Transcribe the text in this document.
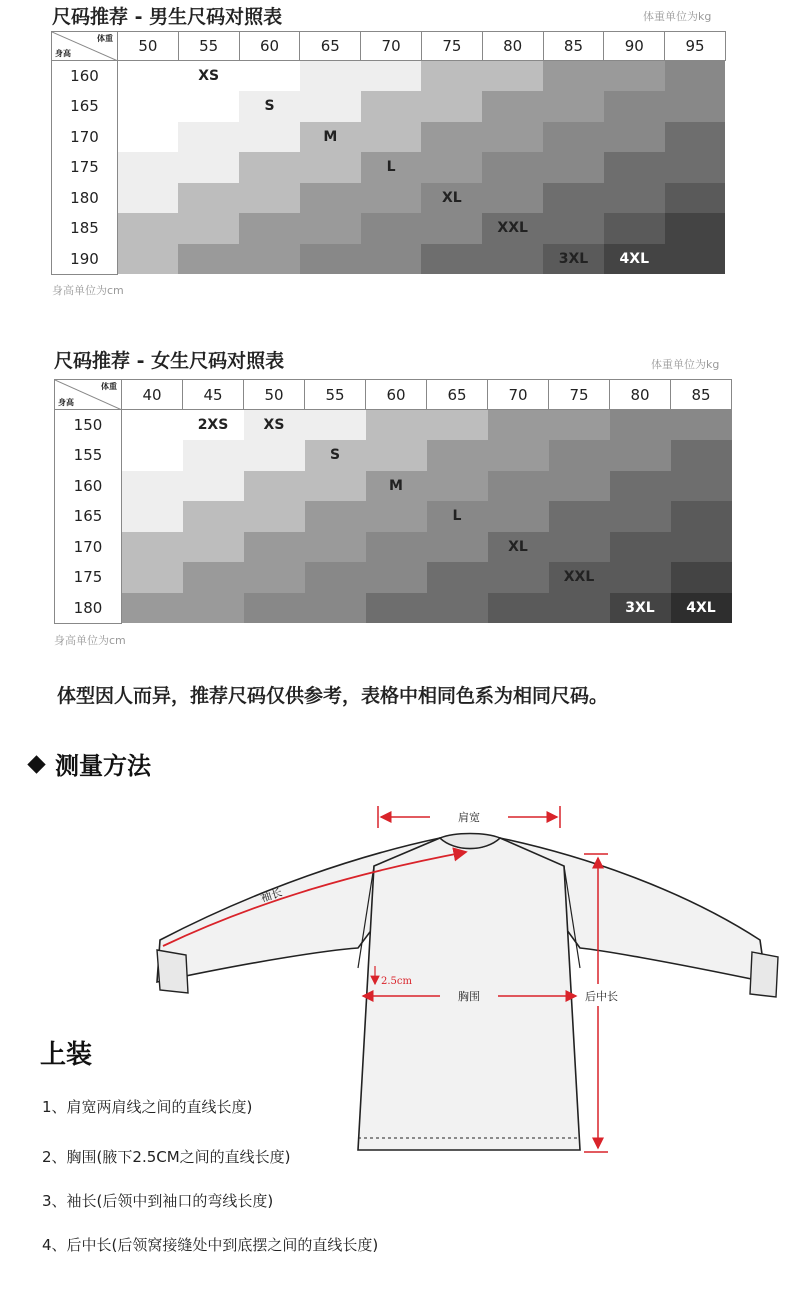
尺码推荐 - 男生尺码对照表	体重单位为kg
体重
身高	50	55	60	65	70	75	80	85	90	95
160		XS								
165			S							
170				M						
175					L					
180						XL				
185							XXL			
190								3XL	4XL	
身高单位为cm
尺码推荐 - 女生尺码对照表	体重单位为kg
体重
身高	40	45	50	55	60	65	70	75	80	85
150		2XS	XS							
155				S						
160					M					
165						L				
170							XL			
175								XXL		
180									3XL	4XL
身高单位为cm
体型因人而异，推荐尺码仅供参考，表格中相同色系为相同尺码。
测量方法
肩宽
袖长
胸围
2.5cm
后中长
上装
1、肩宽两肩线之间的直线长度)
2、胸围(腋下2.5CM之间的直线长度)
3、袖长(后领中到袖口的弯线长度)
4、后中长(后领窝接缝处中到底摆之间的直线长度)
